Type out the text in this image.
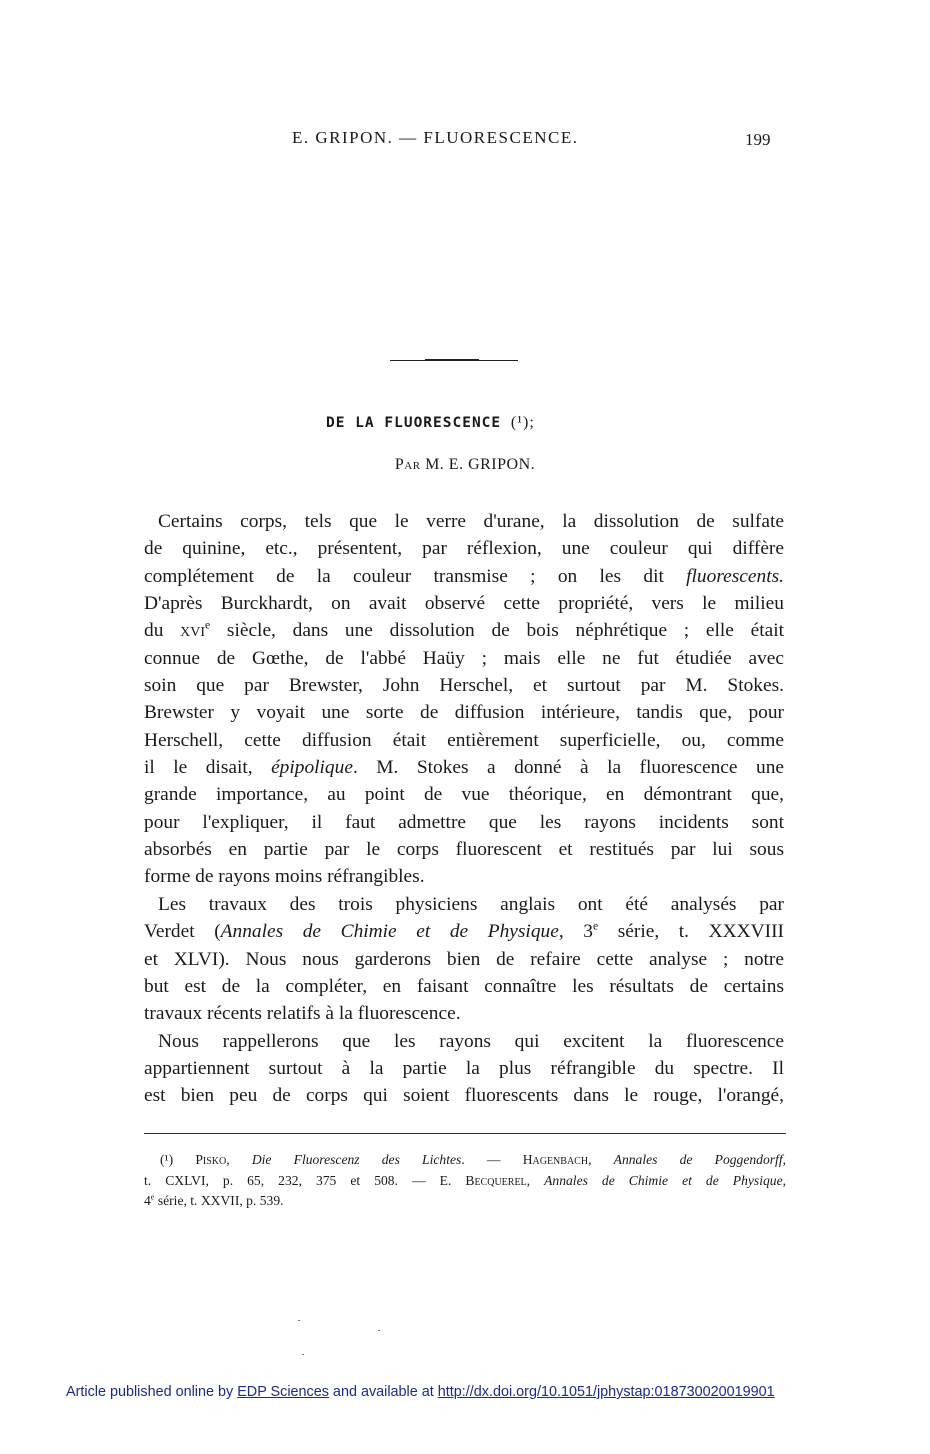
E. GRIPON. — FLUORESCENCE.	199
DE LA FLUORESCENCE (¹);
Par M. E. GRIPON.
Certains corps, tels que le verre d'urane, la dissolution de sulfate
de quinine, etc., présentent, par réflexion, une couleur qui diffère
complétement de la couleur transmise ; on les dit fluorescents.
D'après Burckhardt, on avait observé cette propriété, vers le milieu
du xvi$^e$ siècle, dans une dissolution de bois néphrétique ; elle était
connue de Gœthe, de l'abbé Haüy ; mais elle ne fut étudiée avec
soin que par Brewster, John Herschel, et surtout par M. Stokes.
Brewster y voyait une sorte de diffusion intérieure, tandis que, pour
Herschell, cette diffusion était entièrement superficielle, ou, comme
il le disait, épipolique. M. Stokes a donné à la fluorescence une
grande importance, au point de vue théorique, en démontrant que,
pour l'expliquer, il faut admettre que les rayons incidents sont
absorbés en partie par le corps fluorescent et restitués par lui sous
forme de rayons moins réfrangibles.
Les travaux des trois physiciens anglais ont été analysés par
Verdet (Annales de Chimie et de Physique, 3e série, t. XXXVIII
et XLVI). Nous nous garderons bien de refaire cette analyse ; notre
but est de la compléter, en faisant connaître les résultats de certains
travaux récents relatifs à la fluorescence.
Nous rappellerons que les rayons qui excitent la fluorescence
appartiennent surtout à la partie la plus réfrangible du spectre. Il
est bien peu de corps qui soient fluorescents dans le rouge, l'orangé,
(¹) Pisko, Die Fluorescenz des Lichtes. — Hagenbach, Annales de Poggendorff,
t. CXLVI, p. 65, 232, 375 et 508. — E. Becquerel, Annales de Chimie et de Physique,
4e série, t. XXVII, p. 539.
Article published online by EDP Sciences and available at http://dx.doi.org/10.1051/jphystap:018730020019901
